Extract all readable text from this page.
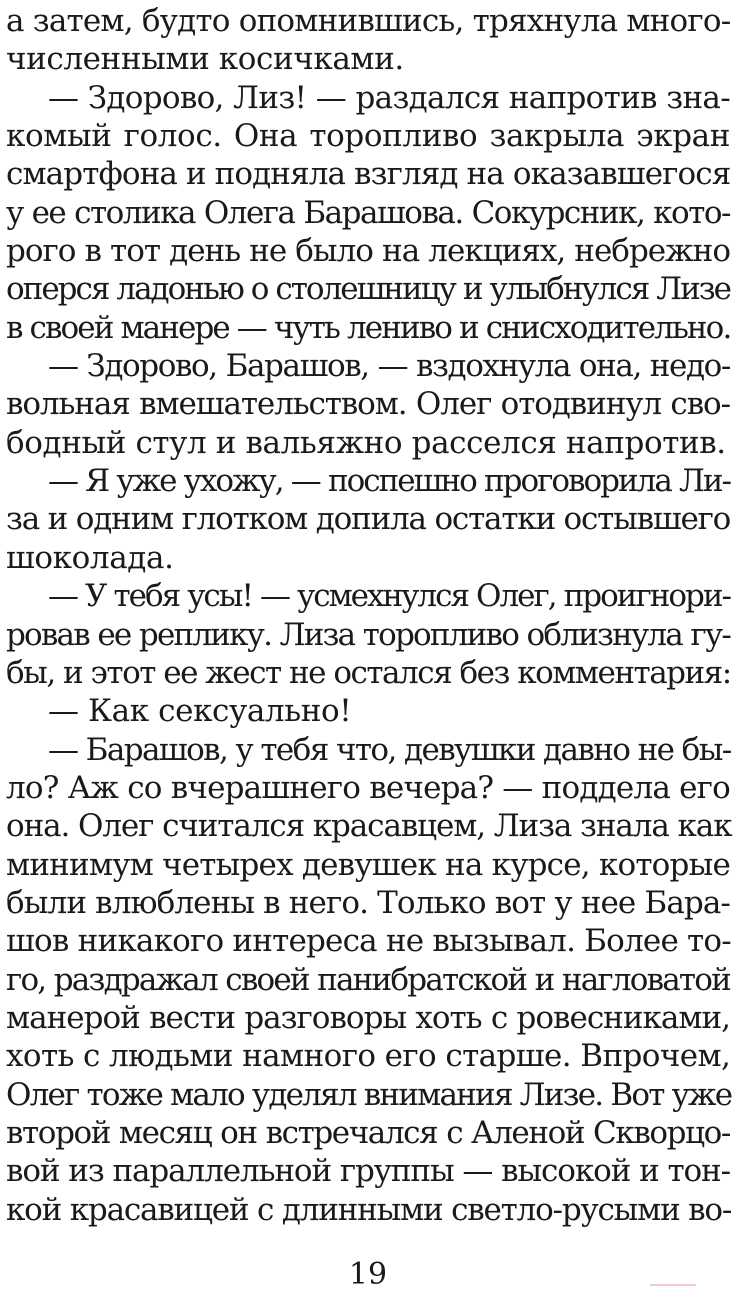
а затем, будто опомнившись, тряхнула много-
численными косичками.
— Здорово, Лиз! — раздался напротив зна-
комый голос. Она торопливо закрыла экран
смартфона и подняла взгляд на оказавшегося
у ее столика Олега Барашова. Сокурсник, кото-
рого в тот день не было на лекциях, небрежно
оперся ладонью о столешницу и улыбнулся Лизе
в своей манере — чуть лениво и снисходительно.
— Здорово, Барашов, — вздохнула она, недо-
вольная вмешательством. Олег отодвинул сво-
бодный стул и вальяжно расселся напротив.
— Я уже ухожу, — поспешно проговорила Ли-
за и одним глотком допила остатки остывшего
шоколада.
— У тебя усы! — усмехнулся Олег, проигнори-
ровав ее реплику. Лиза торопливо облизнула гу-
бы, и этот ее жест не остался без комментария:
— Как сексуально!
— Барашов, у тебя что, девушки давно не бы-
ло? Аж со вчерашнего вечера? — поддела его
она. Олег считался красавцем, Лиза знала как
минимум четырех девушек на курсе, которые
были влюблены в него. Только вот у нее Бара-
шов никакого интереса не вызывал. Более то-
го, раздражал своей панибратской и нагловатой
манерой вести разговоры хоть с ровесниками,
хоть с людьми намного его старше. Впрочем,
Олег тоже мало уделял внимания Лизе. Вот уже
второй месяц он встречался с Аленой Скворцо-
вой из параллельной группы — высокой и тон-
кой красавицей с длинными светло-русыми во-
19
